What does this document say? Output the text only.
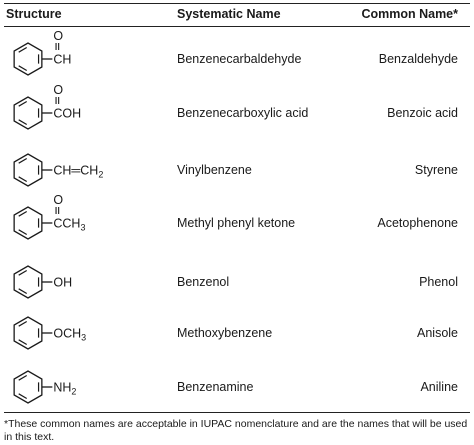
Structure	Systematic Name	Common Name*
O
CH	Benzenecarbaldehyde	Benzaldehyde
O
COH	Benzenecarboxylic acid	Benzoic acid
$CH═CH_2$	Vinylbenzene	Styrene
O
$CCH_3$	Methyl phenyl ketone	Acetophenone
OH	Benzenol	Phenol
$OCH_3$	Methoxybenzene	Anisole
$NH_2$	Benzenamine	Aniline
*These common names are acceptable in IUPAC nomenclature and are the names that will be used in this text.
